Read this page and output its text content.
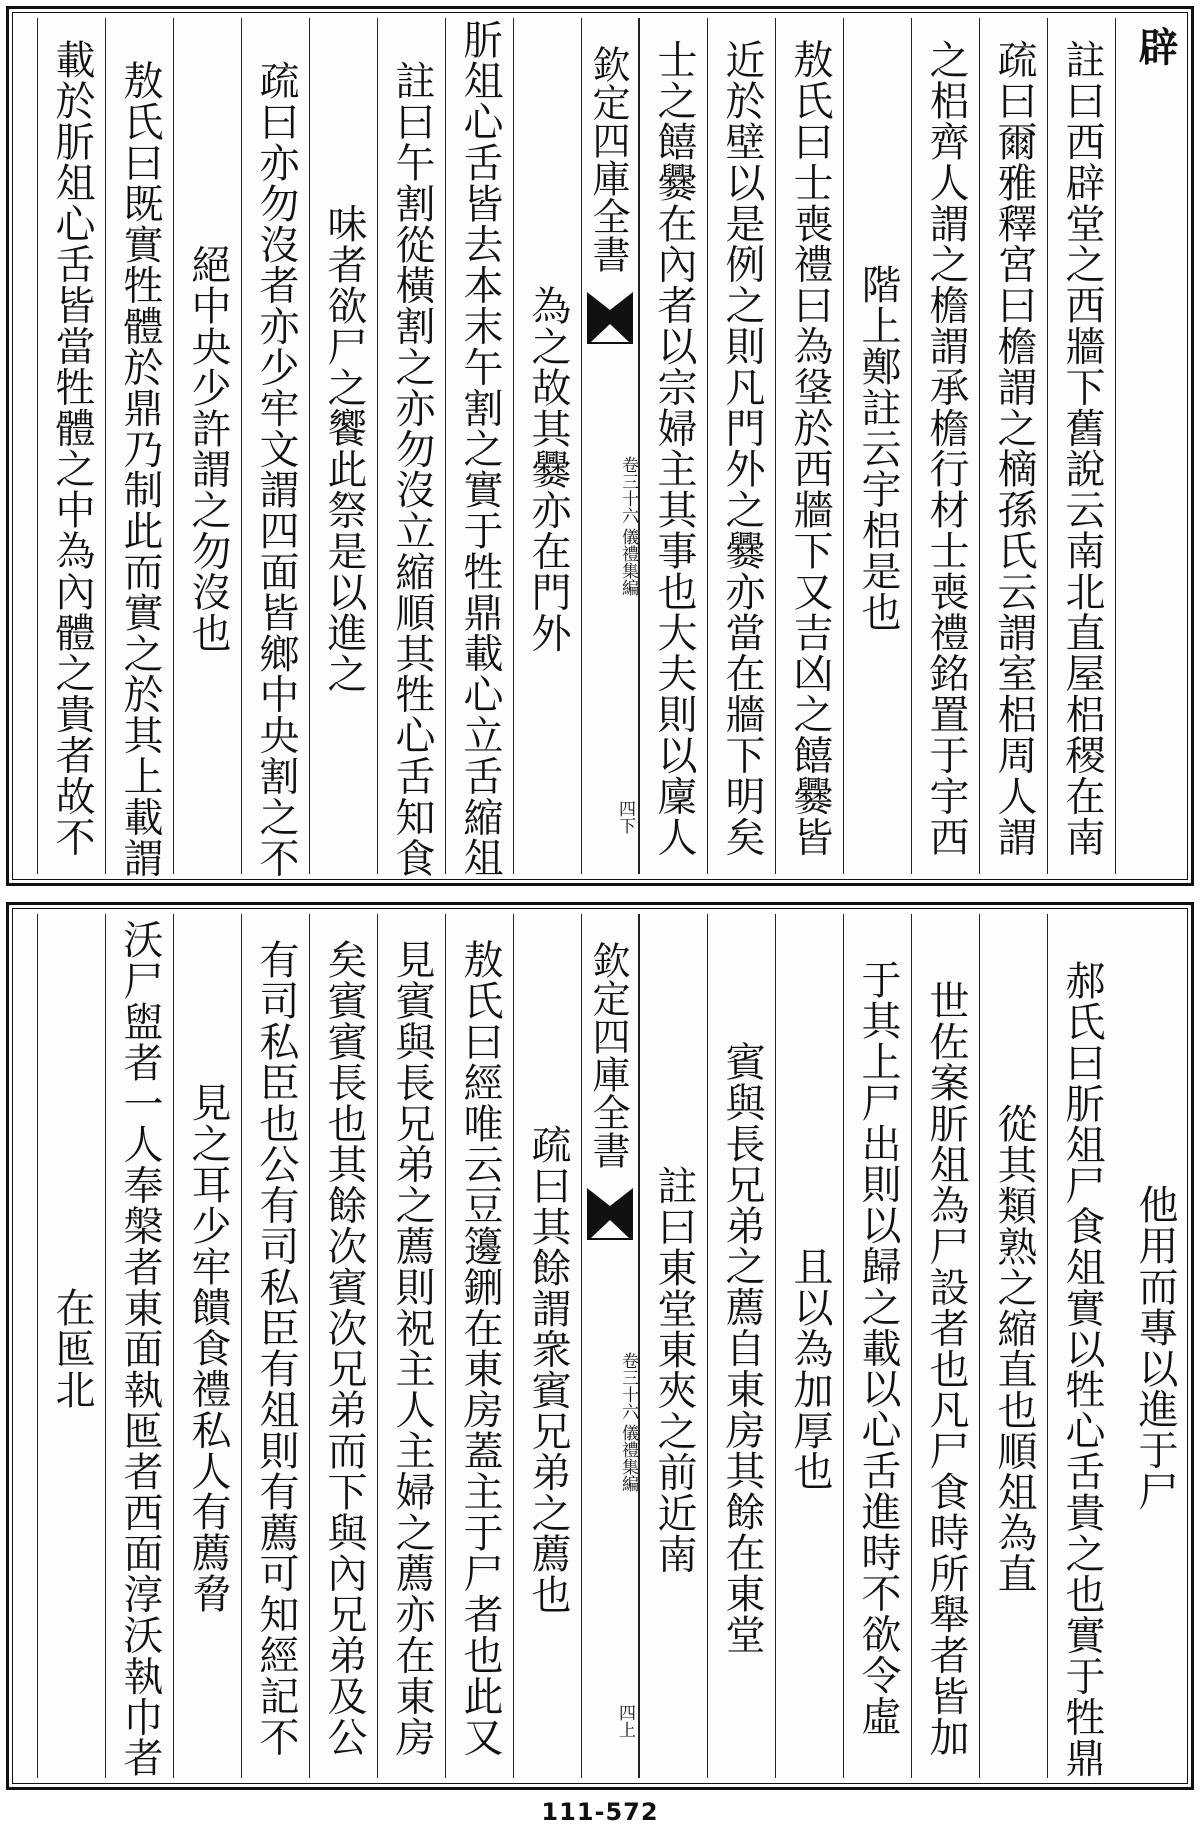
辟
註曰西辟堂之西牆下舊說云南北直屋梠稷在南
疏曰爾雅釋宮曰檐謂之樀孫氏云謂室梠周人謂
之梠齊人謂之檐謂承檐行材士喪禮銘置于宇西
階上鄭註云宇梠是也
敖氏曰士喪禮曰為垼於西牆下又吉凶之饎爨皆
近於壁以是例之則凡門外之爨亦當在牆下明矣
士之饎爨在內者以宗婦主其事也大夫則以廩人
欽定四庫全書
卷三十六
儀禮集編
四下
為之故其爨亦在門外
肵俎心舌皆去本末午割之實于牲鼎載心立舌縮俎
註曰午割從橫割之亦勿沒立縮順其牲心舌知食
味者欲尸之饗此祭是以進之
疏曰亦勿沒者亦少牢文謂四面皆鄉中央割之不
絕中央少許謂之勿沒也
敖氏曰既實牲體於鼎乃制此而實之於其上載謂
載於肵俎心舌皆當牲體之中為內體之貴者故不
他用而專以進于尸
郝氏曰肵俎尸食俎實以牲心舌貴之也實于牲鼎
從其類熟之縮直也順俎為直
世佐案肵俎為尸設者也凡尸食時所舉者皆加
于其上尸出則以歸之載以心舌進時不欲令虛
且以為加厚也
賓與長兄弟之薦自東房其餘在東堂
註曰東堂東夾之前近南
欽定四庫全書
卷三十六
儀禮集編
四上
疏曰其餘謂衆賓兄弟之薦也
敖氏曰經唯云豆籩鉶在東房蓋主于尸者也此又
見賓與長兄弟之薦則祝主人主婦之薦亦在東房
矣賓賓長也其餘次賓次兄弟而下與內兄弟及公
有司私臣也公有司私臣有俎則有薦可知經記不
見之耳少牢饋食禮私人有薦脅
沃尸盥者一人奉槃者東面執匜者西面淳沃執巾者
在匜北
111-572
